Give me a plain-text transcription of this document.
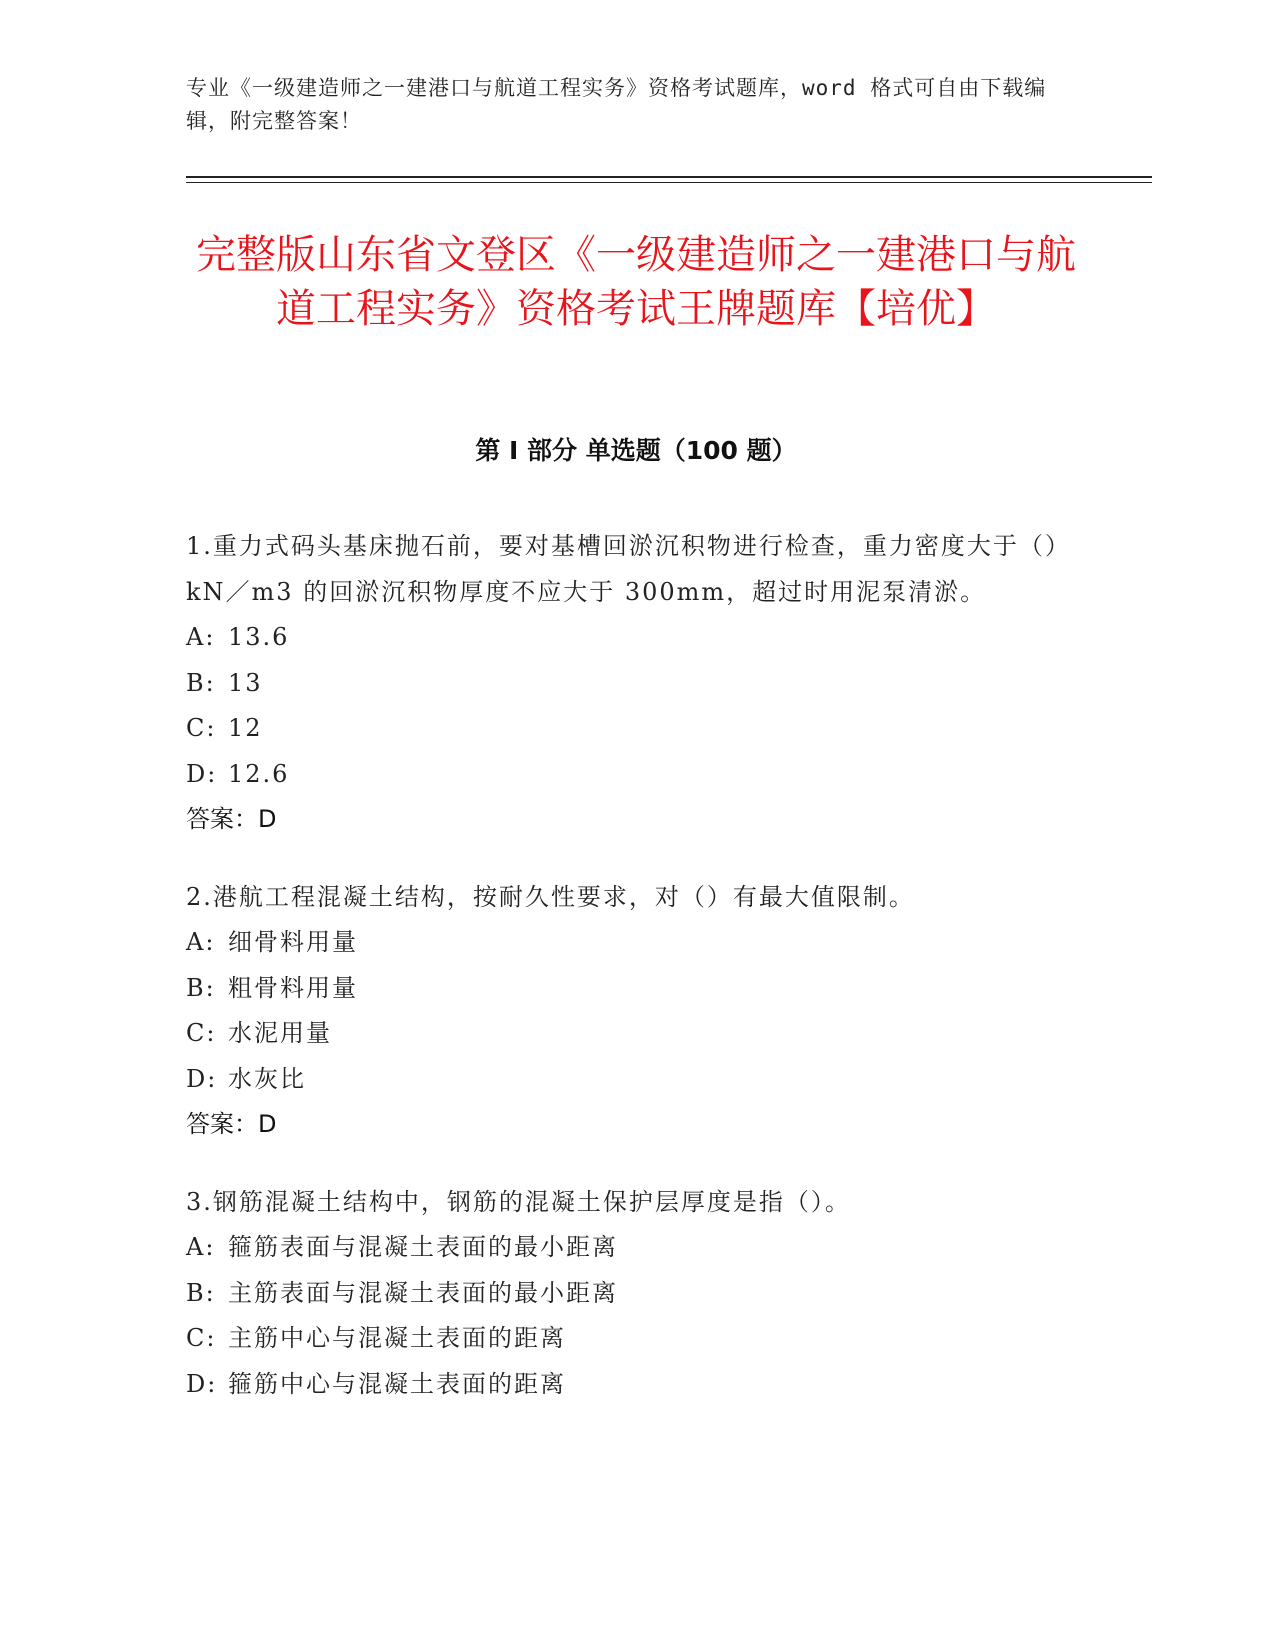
专业《一级建造师之一建港口与航道工程实务》资格考试题库，word 格式可自由下载编辑，附完整答案！
完整版山东省文登区《一级建造师之一建港口与航道工程实务》资格考试王牌题库【培优】
第 I 部分 单选题（100 题）

1.重力式码头基床抛石前，要对基槽回淤沉积物进行检查，重力密度大于（）kN／m3 的回淤沉积物厚度不应大于 300mm，超过时用泥泵清淤。

A: 13.6

B: 13

C: 12

D: 12.6

答案：D

2.港航工程混凝土结构，按耐久性要求，对（）有最大值限制。

A: 细骨料用量

B: 粗骨料用量

C: 水泥用量

D: 水灰比

答案：D

3.钢筋混凝土结构中，钢筋的混凝土保护层厚度是指（）。

A: 箍筋表面与混凝土表面的最小距离

B: 主筋表面与混凝土表面的最小距离

C: 主筋中心与混凝土表面的距离

D: 箍筋中心与混凝土表面的距离
